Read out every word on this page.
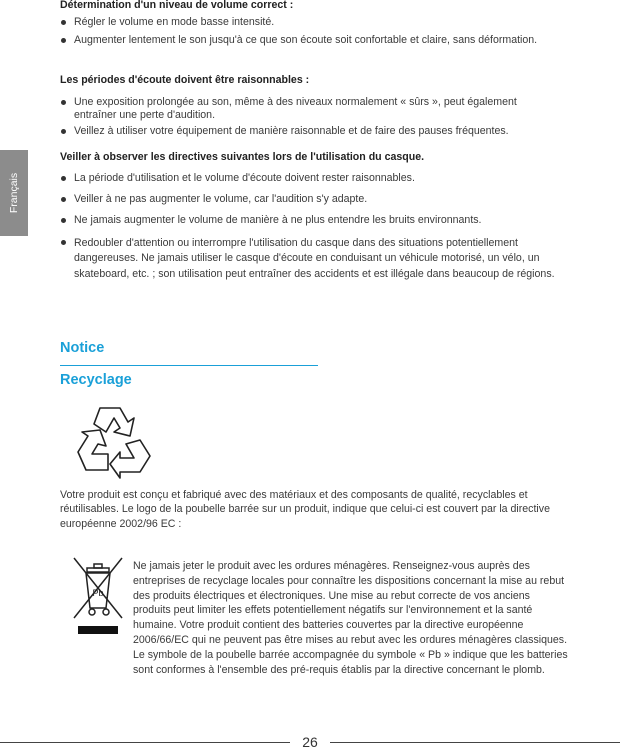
Français

Détermination d'un niveau de volume correct :

Régler le volume en mode basse intensité.
Augmenter lentement le son jusqu'à ce que son écoute soit confortable et claire, sans déformation.

Les périodes d'écoute doivent être raisonnables :

Une exposition prolongée au son, même à des niveaux normalement « sûrs », peut également entraîner une perte d'audition.
Veillez à utiliser votre équipement de manière raisonnable et de faire des pauses fréquentes.

Veiller à observer les directives suivantes lors de l'utilisation du casque.

La période d'utilisation et le volume d'écoute doivent rester raisonnables.
Veiller à ne pas augmenter le volume, car l'audition s'y adapte.
Ne jamais augmenter le volume de manière à ne plus entendre les bruits environnants.
Redoubler d'attention ou interrompre l'utilisation du casque dans des situations potentiellement dangereuses. Ne jamais utiliser le casque d'écoute en conduisant un véhicule motorisé, un vélo, un skateboard, etc. ; son utilisation peut entraîner des accidents et est illégale dans beaucoup de régions.
Notice
Recyclage
Votre produit est conçu et fabriqué avec des matériaux et des composants de qualité, recyclables et réutilisables. Le logo de la poubelle barrée sur un produit, indique que celui-ci est couvert par la directive européenne 2002/96 EC :
Pb
Ne jamais jeter le produit avec les ordures ménagères. Renseignez-vous auprès des entreprises de recyclage locales pour connaître les dispositions concernant la mise au rebut des produits électriques et électroniques. Une mise au rebut correcte de vos anciens produits peut limiter les effets potentiellement négatifs sur l'environnement et la santé humaine. Votre produit contient des batteries couvertes par la directive européenne 2006/66/EC qui ne peuvent pas être mises au rebut avec les ordures ménagères classiques.
Le symbole de la poubelle barrée accompagnée du symbole « Pb » indique que les batteries sont conformes à l'ensemble des pré-requis établis par la directive concernant le plomb.
26
